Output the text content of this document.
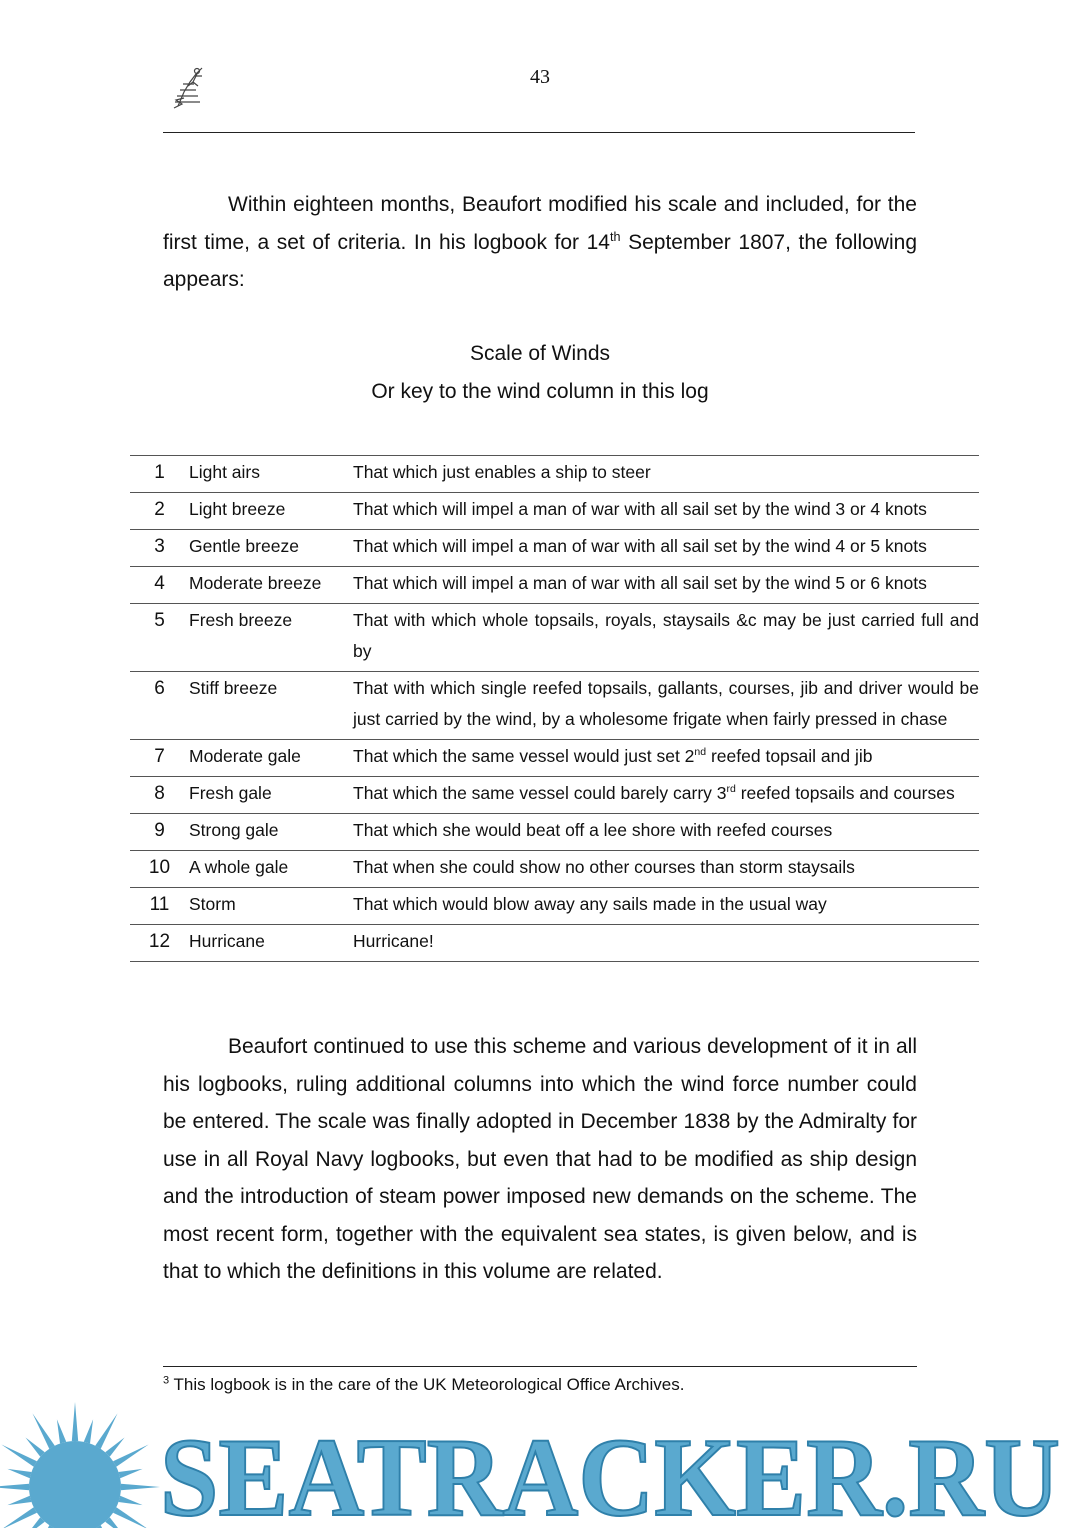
43
Within eighteen months, Beaufort modified his scale and included, for the first time, a set of criteria. In his logbook for 14th September 1807, the following appears:
Scale of Winds
Or key to the wind column in this log
1	Light airs	That which just enables a ship to steer
2	Light breeze	That which will impel a man of war with all sail set by the wind 3 or 4 knots
3	Gentle breeze	That which will impel a man of war with all sail set by the wind 4 or 5 knots
4	Moderate breeze	That which will impel a man of war with all sail set by the wind 5 or 6 knots
5	Fresh breeze	That with which whole topsails, royals, staysails &c may be just carried full and by
6	Stiff breeze	That with which single reefed topsails, gallants, courses, jib and driver would be just carried by the wind, by a wholesome frigate when fairly pressed in chase
7	Moderate gale	That which the same vessel would just set 2nd reefed topsail and jib
8	Fresh gale	That which the same vessel could barely carry 3rd reefed topsails and courses
9	Strong gale	That which she would beat off a lee shore with reefed courses
10	A whole gale	That when she could show no other courses than storm staysails
11	Storm	That which would blow away any sails made in the usual way
12	Hurricane	Hurricane!
Beaufort continued to use this scheme and various development of it in all his logbooks, ruling additional columns into which the wind force number could be entered. The scale was finally adopted in December 1838 by the Admiralty for use in all Royal Navy logbooks, but even that had to be modified as ship design and the introduction of steam power imposed new demands on the scheme. The most recent form, together with the equivalent sea states, is given below, and is that to which the definitions in this volume are related.
$^3$ This logbook is in the care of the UK Meteorological Office Archives.
SEATRACKER.RU
